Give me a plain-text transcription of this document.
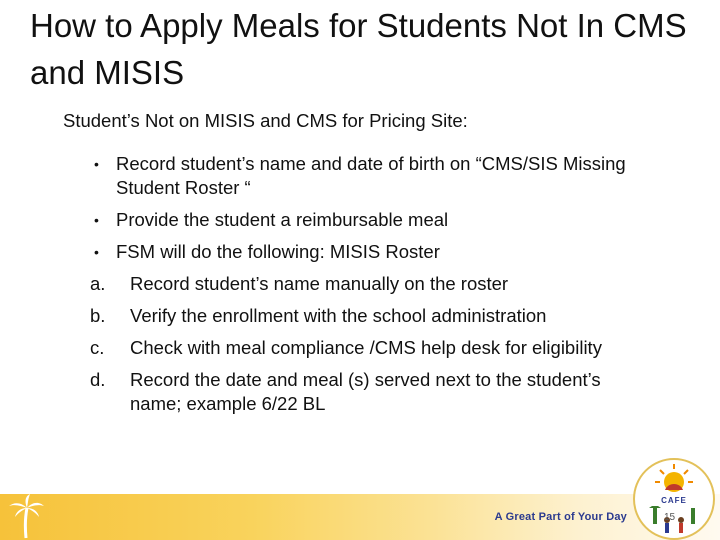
How to Apply Meals for Students Not In CMS and MISIS
Student’s Not on MISIS and CMS for Pricing Site:
• Record student’s name and date of birth on “CMS/SIS Missing Student Roster “
• Provide the student a reimbursable meal
• FSM will do the following: MISIS Roster
a. Record student’s name manually on the roster
b. Verify the enrollment with the school administration
c. Check with meal compliance /CMS help desk for eligibility
d. Record the date and meal (s) served next to the student’s name; example 6/22 BL
A Great Part of Your Day
CAFE
15
